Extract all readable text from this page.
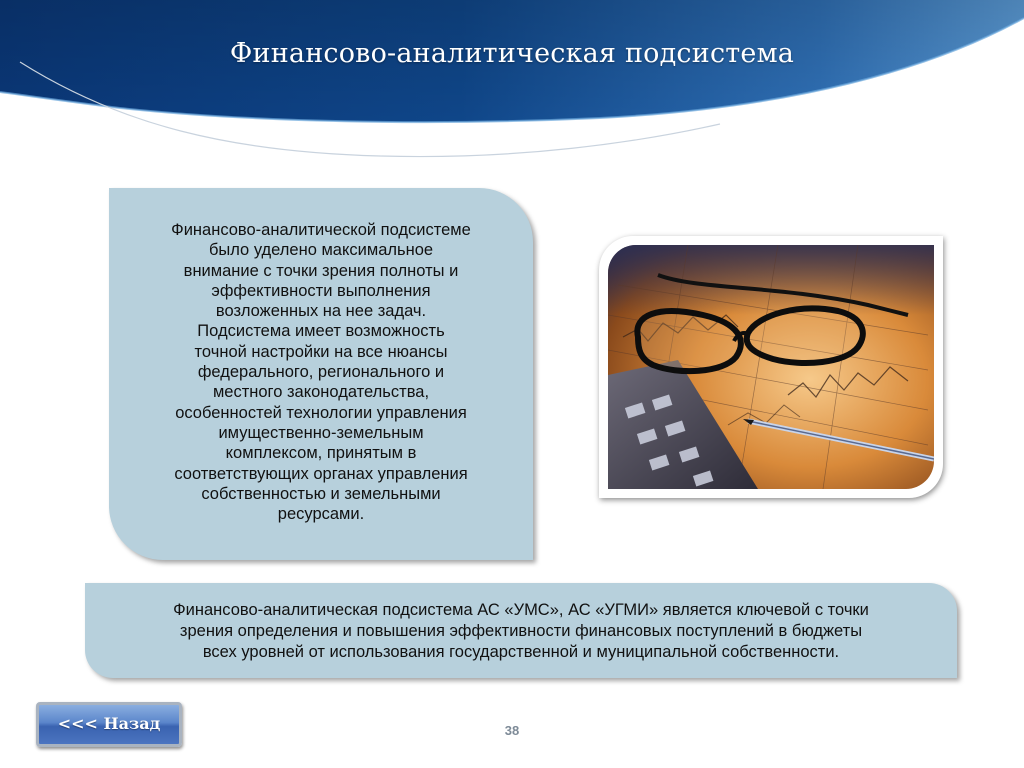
Финансово-аналитическая подсистема
Финансово-аналитической подсистеме
было уделено максимальное
внимание с точки зрения полноты и
эффективности выполнения
возложенных на нее задач.
Подсистема имеет возможность
точной настройки на все нюансы
федерального, регионального и
местного законодательства,
особенностей технологии управления
имущественно-земельным
комплексом, принятым в
соответствующих органах управления
собственностью и земельными
ресурсами.
Финансово-аналитическая подсистема АС «УМС», АС «УГМИ» является ключевой с точки
зрения определения и повышения эффективности финансовых поступлений в бюджеты
всех уровней от использования государственной и муниципальной собственности.
<<< Назад	38
